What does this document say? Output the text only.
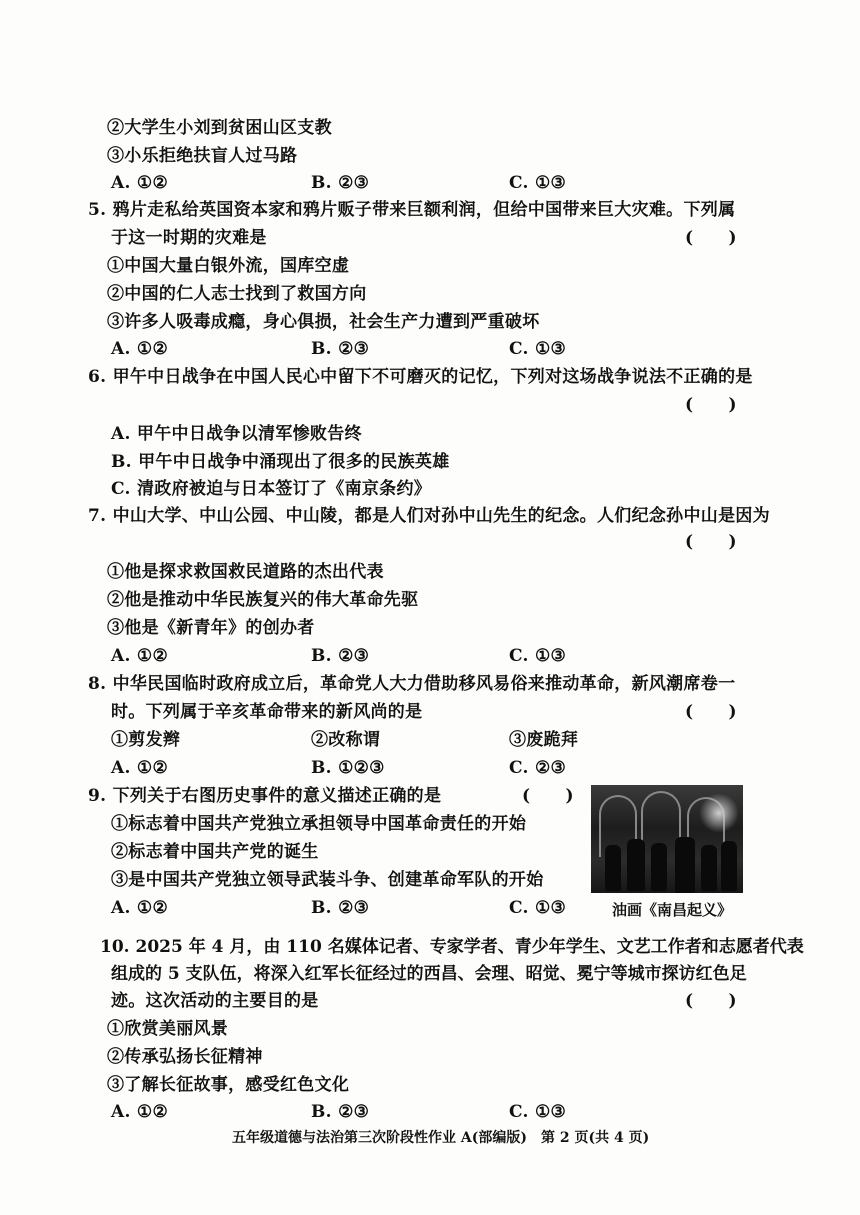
②大学生小刘到贫困山区支教
③小乐拒绝扶盲人过马路
A. ①②	B. ②③	C. ①③
5. 鸦片走私给英国资本家和鸦片贩子带来巨额利润，但给中国带来巨大灾难。下列属
于这一时期的灾难是	(      )
①中国大量白银外流，国库空虚
②中国的仁人志士找到了救国方向
③许多人吸毒成瘾，身心俱损，社会生产力遭到严重破坏
A. ①②	B. ②③	C. ①③
6. 甲午中日战争在中国人民心中留下不可磨灭的记忆，下列对这场战争说法不正确的是
(      )
A. 甲午中日战争以清军惨败告终
B. 甲午中日战争中涌现出了很多的民族英雄
C. 清政府被迫与日本签订了《南京条约》
7. 中山大学、中山公园、中山陵，都是人们对孙中山先生的纪念。人们纪念孙中山是因为
(      )
①他是探求救国救民道路的杰出代表
②他是推动中华民族复兴的伟大革命先驱
③他是《新青年》的创办者
A. ①②	B. ②③	C. ①③
8. 中华民国临时政府成立后，革命党人大力借助移风易俗来推动革命，新风潮席卷一
时。下列属于辛亥革命带来的新风尚的是	(      )
①剪发辫	②改称谓	③废跪拜
A. ①②	B. ①②③	C. ②③
9. 下列关于右图历史事件的意义描述正确的是	(      )
①标志着中国共产党独立承担领导中国革命责任的开始
②标志着中国共产党的诞生
③是中国共产党独立领导武装斗争、创建革命军队的开始
A. ①②	B. ②③	C. ①③	油画《南昌起义》
10. 2025 年 4 月，由 110 名媒体记者、专家学者、青少年学生、文艺工作者和志愿者代表
组成的 5 支队伍，将深入红军长征经过的西昌、会理、昭觉、冕宁等城市探访红色足
迹。这次活动的主要目的是	(      )
①欣赏美丽风景
②传承弘扬长征精神
③了解长征故事，感受红色文化
A. ①②	B. ②③	C. ①③
五年级道德与法治第三次阶段性作业 A(部编版)　第 2 页(共 4 页)
